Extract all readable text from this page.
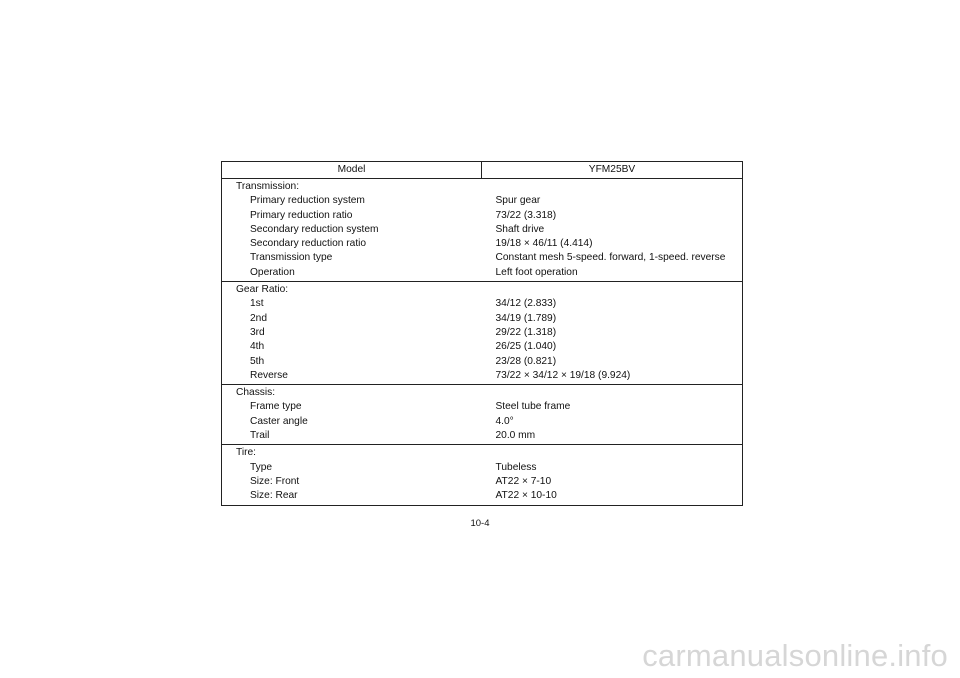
Model	YFM25BV

Transmission:
Primary reduction system	Spur gear
Primary reduction ratio	73/22 (3.318)
Secondary reduction system	Shaft drive
Secondary reduction ratio	19/18 × 46/11 (4.414)
Transmission type	Constant mesh 5-speed. forward, 1-speed. reverse
Operation	Left foot operation

Gear Ratio:
1st	34/12 (2.833)
2nd	34/19 (1.789)
3rd	29/22 (1.318)
4th	26/25 (1.040)
5th	23/28 (0.821)
Reverse	73/22 × 34/12 × 19/18 (9.924)

Chassis:
Frame type	Steel tube frame
Caster angle	4.0°
Trail	20.0 mm

Tire:
Type	Tubeless
Size: Front	AT22 × 7-10
Size: Rear	AT22 × 10-10
10-4
carmanualsonline.info
